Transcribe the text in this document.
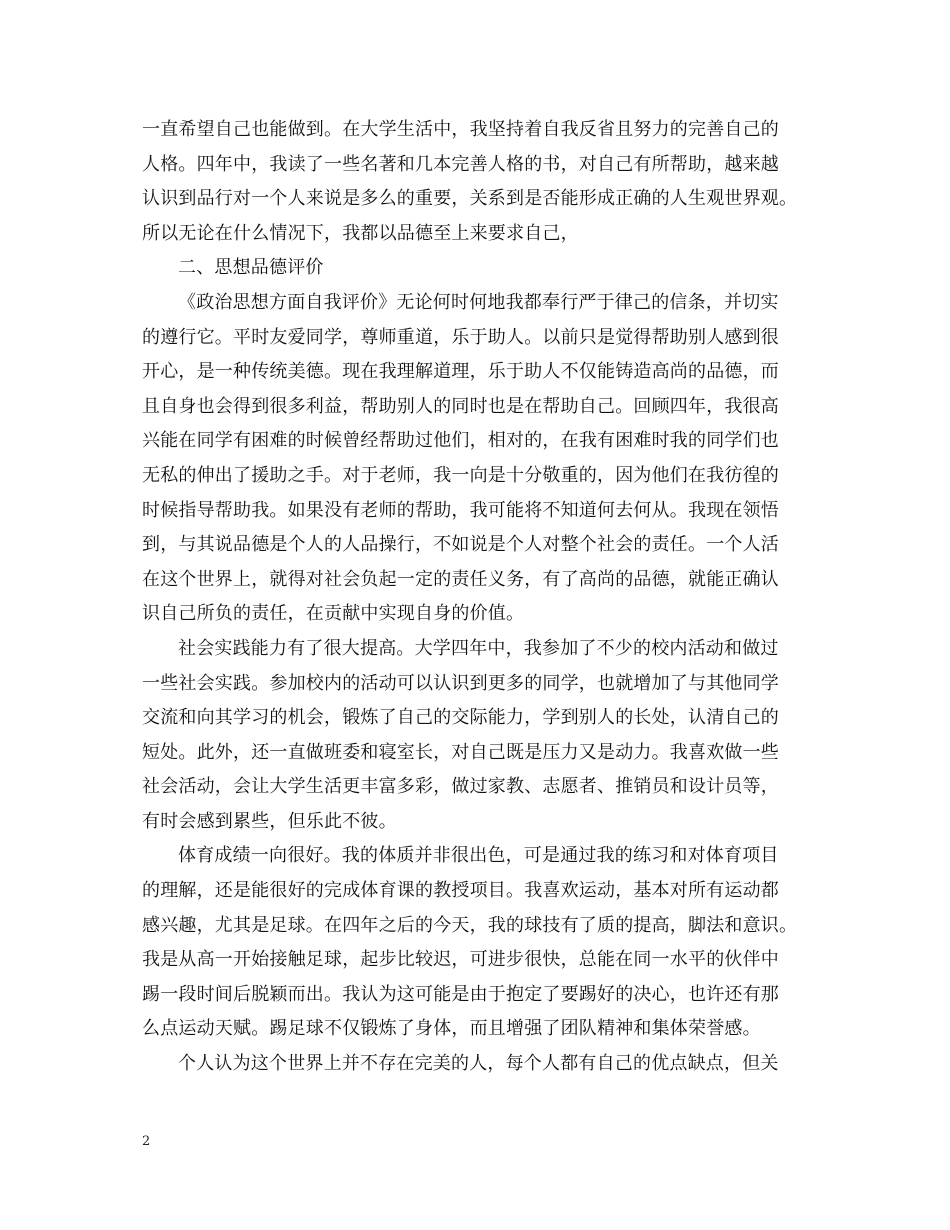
一直希望自己也能做到。在大学生活中，我坚持着自我反省且努力的完善自己的
人格。四年中，我读了一些名著和几本完善人格的书，对自己有所帮助，越来越
认识到品行对一个人来说是多么的重要，关系到是否能形成正确的人生观世界观。
所以无论在什么情况下，我都以品德至上来要求自己，
二、思想品德评价
《政治思想方面自我评价》无论何时何地我都奉行严于律己的信条，并切实
的遵行它。平时友爱同学，尊师重道，乐于助人。以前只是觉得帮助别人感到很
开心，是一种传统美德。现在我理解道理，乐于助人不仅能铸造高尚的品德，而
且自身也会得到很多利益，帮助别人的同时也是在帮助自己。回顾四年，我很高
兴能在同学有困难的时候曾经帮助过他们，相对的，在我有困难时我的同学们也
无私的伸出了援助之手。对于老师，我一向是十分敬重的，因为他们在我彷徨的
时候指导帮助我。如果没有老师的帮助，我可能将不知道何去何从。我现在领悟
到，与其说品德是个人的人品操行，不如说是个人对整个社会的责任。一个人活
在这个世界上，就得对社会负起一定的责任义务，有了高尚的品德，就能正确认
识自己所负的责任，在贡献中实现自身的价值。
社会实践能力有了很大提高。大学四年中，我参加了不少的校内活动和做过
一些社会实践。参加校内的活动可以认识到更多的同学，也就增加了与其他同学
交流和向其学习的机会，锻炼了自己的交际能力，学到别人的长处，认清自己的
短处。此外，还一直做班委和寝室长，对自己既是压力又是动力。我喜欢做一些
社会活动，会让大学生活更丰富多彩，做过家教、志愿者、推销员和设计员等，
有时会感到累些，但乐此不彼。
体育成绩一向很好。我的体质并非很出色，可是通过我的练习和对体育项目
的理解，还是能很好的完成体育课的教授项目。我喜欢运动，基本对所有运动都
感兴趣，尤其是足球。在四年之后的今天，我的球技有了质的提高，脚法和意识。
我是从高一开始接触足球，起步比较迟，可进步很快，总能在同一水平的伙伴中
踢一段时间后脱颖而出。我认为这可能是由于抱定了要踢好的决心，也许还有那
么点运动天赋。踢足球不仅锻炼了身体，而且增强了团队精神和集体荣誉感。
个人认为这个世界上并不存在完美的人，每个人都有自己的优点缺点，但关
2
